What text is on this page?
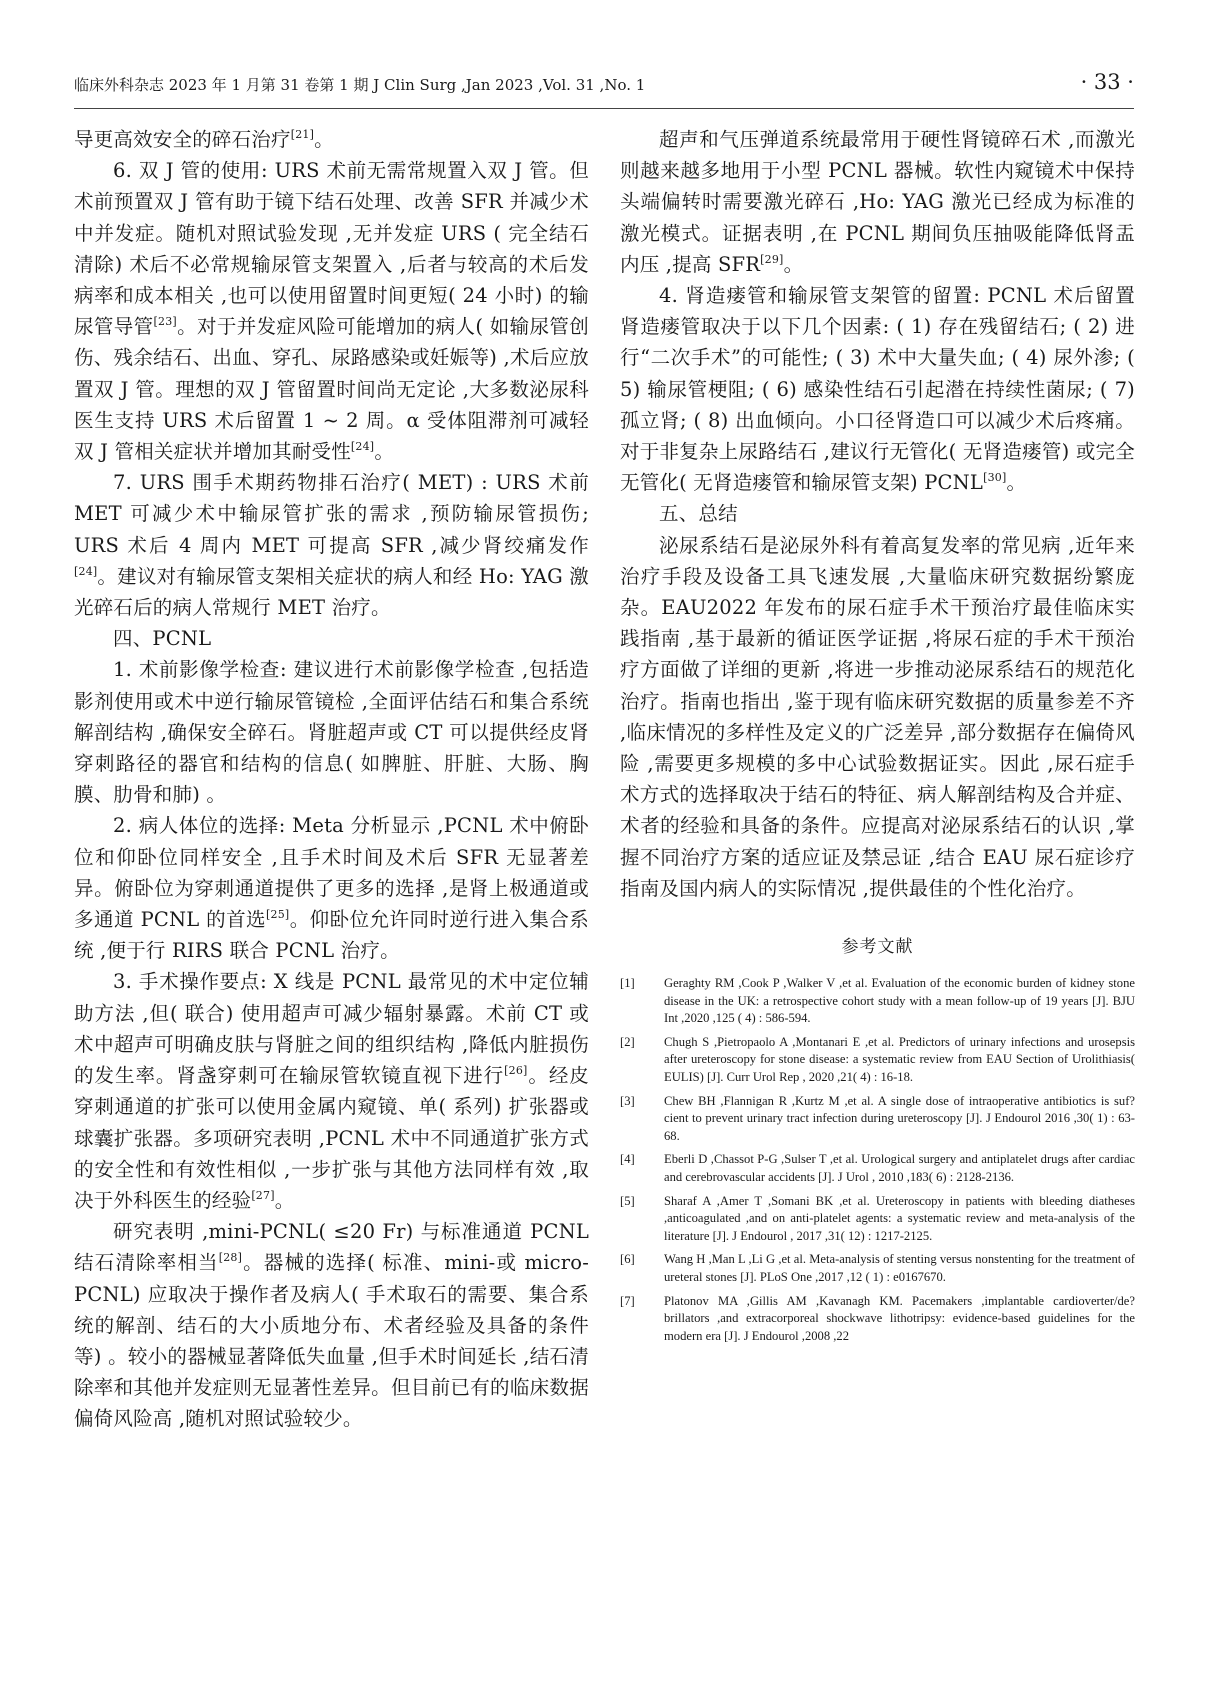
临床外科杂志 2023 年 1 月第 31 卷第 1 期 J Clin Surg ,Jan 2023 ,Vol. 31 ,No. 1	· 33 ·

导更高效安全的碎石治疗[21]。

6. 双 J 管的使用: URS 术前无需常规置入双 J 管。但术前预置双 J 管有助于镜下结石处理、改善 SFR 并减少术中并发症。随机对照试验发现 ,无并发症 URS ( 完全结石清除) 术后不必常规输尿管支架置入 ,后者与较高的术后发病率和成本相关 ,也可以使用留置时间更短( 24 小时) 的输尿管导管[23]。对于并发症风险可能增加的病人( 如输尿管创伤、残余结石、出血、穿孔、尿路感染或妊娠等) ,术后应放置双 J 管。理想的双 J 管留置时间尚无定论 ,大多数泌尿科医生支持 URS 术后留置 1 ~ 2 周。α 受体阻滞剂可减轻双 J 管相关症状并增加其耐受性[24]。

7. URS 围手术期药物排石治疗( MET) : URS 术前 MET 可减少术中输尿管扩张的需求 ,预防输尿管损伤; URS 术后 4 周内 MET 可提高 SFR ,减少肾绞痛发作[24]。建议对有输尿管支架相关症状的病人和经 Ho: YAG 激光碎石后的病人常规行 MET 治疗。

四、PCNL

1. 术前影像学检查: 建议进行术前影像学检查 ,包括造影剂使用或术中逆行输尿管镜检 ,全面评估结石和集合系统解剖结构 ,确保安全碎石。肾脏超声或 CT 可以提供经皮肾穿刺路径的器官和结构的信息( 如脾脏、肝脏、大肠、胸膜、肋骨和肺) 。

2. 病人体位的选择: Meta 分析显示 ,PCNL 术中俯卧位和仰卧位同样安全 ,且手术时间及术后 SFR 无显著差异。俯卧位为穿刺通道提供了更多的选择 ,是肾上极通道或多通道 PCNL 的首选[25]。仰卧位允许同时逆行进入集合系统 ,便于行 RIRS 联合 PCNL 治疗。

3. 手术操作要点: X 线是 PCNL 最常见的术中定位辅助方法 ,但( 联合) 使用超声可减少辐射暴露。术前 CT 或术中超声可明确皮肤与肾脏之间的组织结构 ,降低内脏损伤的发生率。肾盏穿刺可在输尿管软镜直视下进行[26]。经皮穿刺通道的扩张可以使用金属内窥镜、单( 系列) 扩张器或球囊扩张器。多项研究表明 ,PCNL 术中不同通道扩张方式的安全性和有效性相似 ,一步扩张与其他方法同样有效 ,取决于外科医生的经验[27]。

研究表明 ,mini-PCNL( ≤20 Fr) 与标准通道 PCNL 结石清除率相当[28]。器械的选择( 标准、mini-或 micro-PCNL) 应取决于操作者及病人( 手术取石的需要、集合系统的解剖、结石的大小质地分布、术者经验及具备的条件等) 。较小的器械显著降低失血量 ,但手术时间延长 ,结石清除率和其他并发症则无显著性差异。但目前已有的临床数据偏倚风险高 ,随机对照试验较少。

超声和气压弹道系统最常用于硬性肾镜碎石术 ,而激光则越来越多地用于小型 PCNL 器械。软性内窥镜术中保持头端偏转时需要激光碎石 ,Ho: YAG 激光已经成为标准的激光模式。证据表明 ,在 PCNL 期间负压抽吸能降低肾盂内压 ,提高 SFR[29]。

4. 肾造瘘管和输尿管支架管的留置: PCNL 术后留置肾造瘘管取决于以下几个因素: ( 1) 存在残留结石; ( 2) 进行“二次手术”的可能性; ( 3) 术中大量失血; ( 4) 尿外渗; ( 5) 输尿管梗阻; ( 6) 感染性结石引起潜在持续性菌尿; ( 7) 孤立肾; ( 8) 出血倾向。小口径肾造口可以减少术后疼痛。对于非复杂上尿路结石 ,建议行无管化( 无肾造瘘管) 或完全无管化( 无肾造瘘管和输尿管支架) PCNL[30]。

五、总结

泌尿系结石是泌尿外科有着高复发率的常见病 ,近年来治疗手段及设备工具飞速发展 ,大量临床研究数据纷繁庞杂。EAU2022 年发布的尿石症手术干预治疗最佳临床实践指南 ,基于最新的循证医学证据 ,将尿石症的手术干预治疗方面做了详细的更新 ,将进一步推动泌尿系结石的规范化治疗。指南也指出 ,鉴于现有临床研究数据的质量参差不齐 ,临床情况的多样性及定义的广泛差异 ,部分数据存在偏倚风险 ,需要更多规模的多中心试验数据证实。因此 ,尿石症手术方式的选择取决于结石的特征、病人解剖结构及合并症、术者的经验和具备的条件。应提高对泌尿系结石的认识 ,掌握不同治疗方案的适应证及禁忌证 ,结合 EAU 尿石症诊疗指南及国内病人的实际情况 ,提供最佳的个性化治疗。

参考文献
[1]	Geraghty RM ,Cook P ,Walker V ,et al. Evaluation of the economic burden of kidney stone disease in the UK: a retrospective cohort study with a mean follow-up of 19 years [J]. BJU Int ,2020 ,125 ( 4) : 586-594.
[2]	Chugh S ,Pietropaolo A ,Montanari E ,et al. Predictors of urinary infections and urosepsis after ureteroscopy for stone disease: a systematic review from EAU Section of Urolithiasis( EULIS) [J]. Curr Urol Rep , 2020 ,21( 4) : 16-18.
[3]	Chew BH ,Flannigan R ,Kurtz M ,et al. A single dose of intraoperative antibiotics is suf? cient to prevent urinary tract infection during ureteroscopy [J]. J Endourol 2016 ,30( 1) : 63-68.
[4]	Eberli D ,Chassot P-G ,Sulser T ,et al. Urological surgery and antiplatelet drugs after cardiac and cerebrovascular accidents [J]. J Urol , 2010 ,183( 6) : 2128-2136.
[5]	Sharaf A ,Amer T ,Somani BK ,et al. Ureteroscopy in patients with bleeding diatheses ,anticoagulated ,and on anti-platelet agents: a systematic review and meta-analysis of the literature [J]. J Endourol , 2017 ,31( 12) : 1217-2125.
[6]	Wang H ,Man L ,Li G ,et al. Meta-analysis of stenting versus nonstenting for the treatment of ureteral stones [J]. PLoS One ,2017 ,12 ( 1) : e0167670.
[7]	Platonov MA ,Gillis AM ,Kavanagh KM. Pacemakers ,implantable cardioverter/de? brillators ,and extracorporeal shockwave lithotripsy: evidence-based guidelines for the modern era [J]. J Endourol ,2008 ,22
